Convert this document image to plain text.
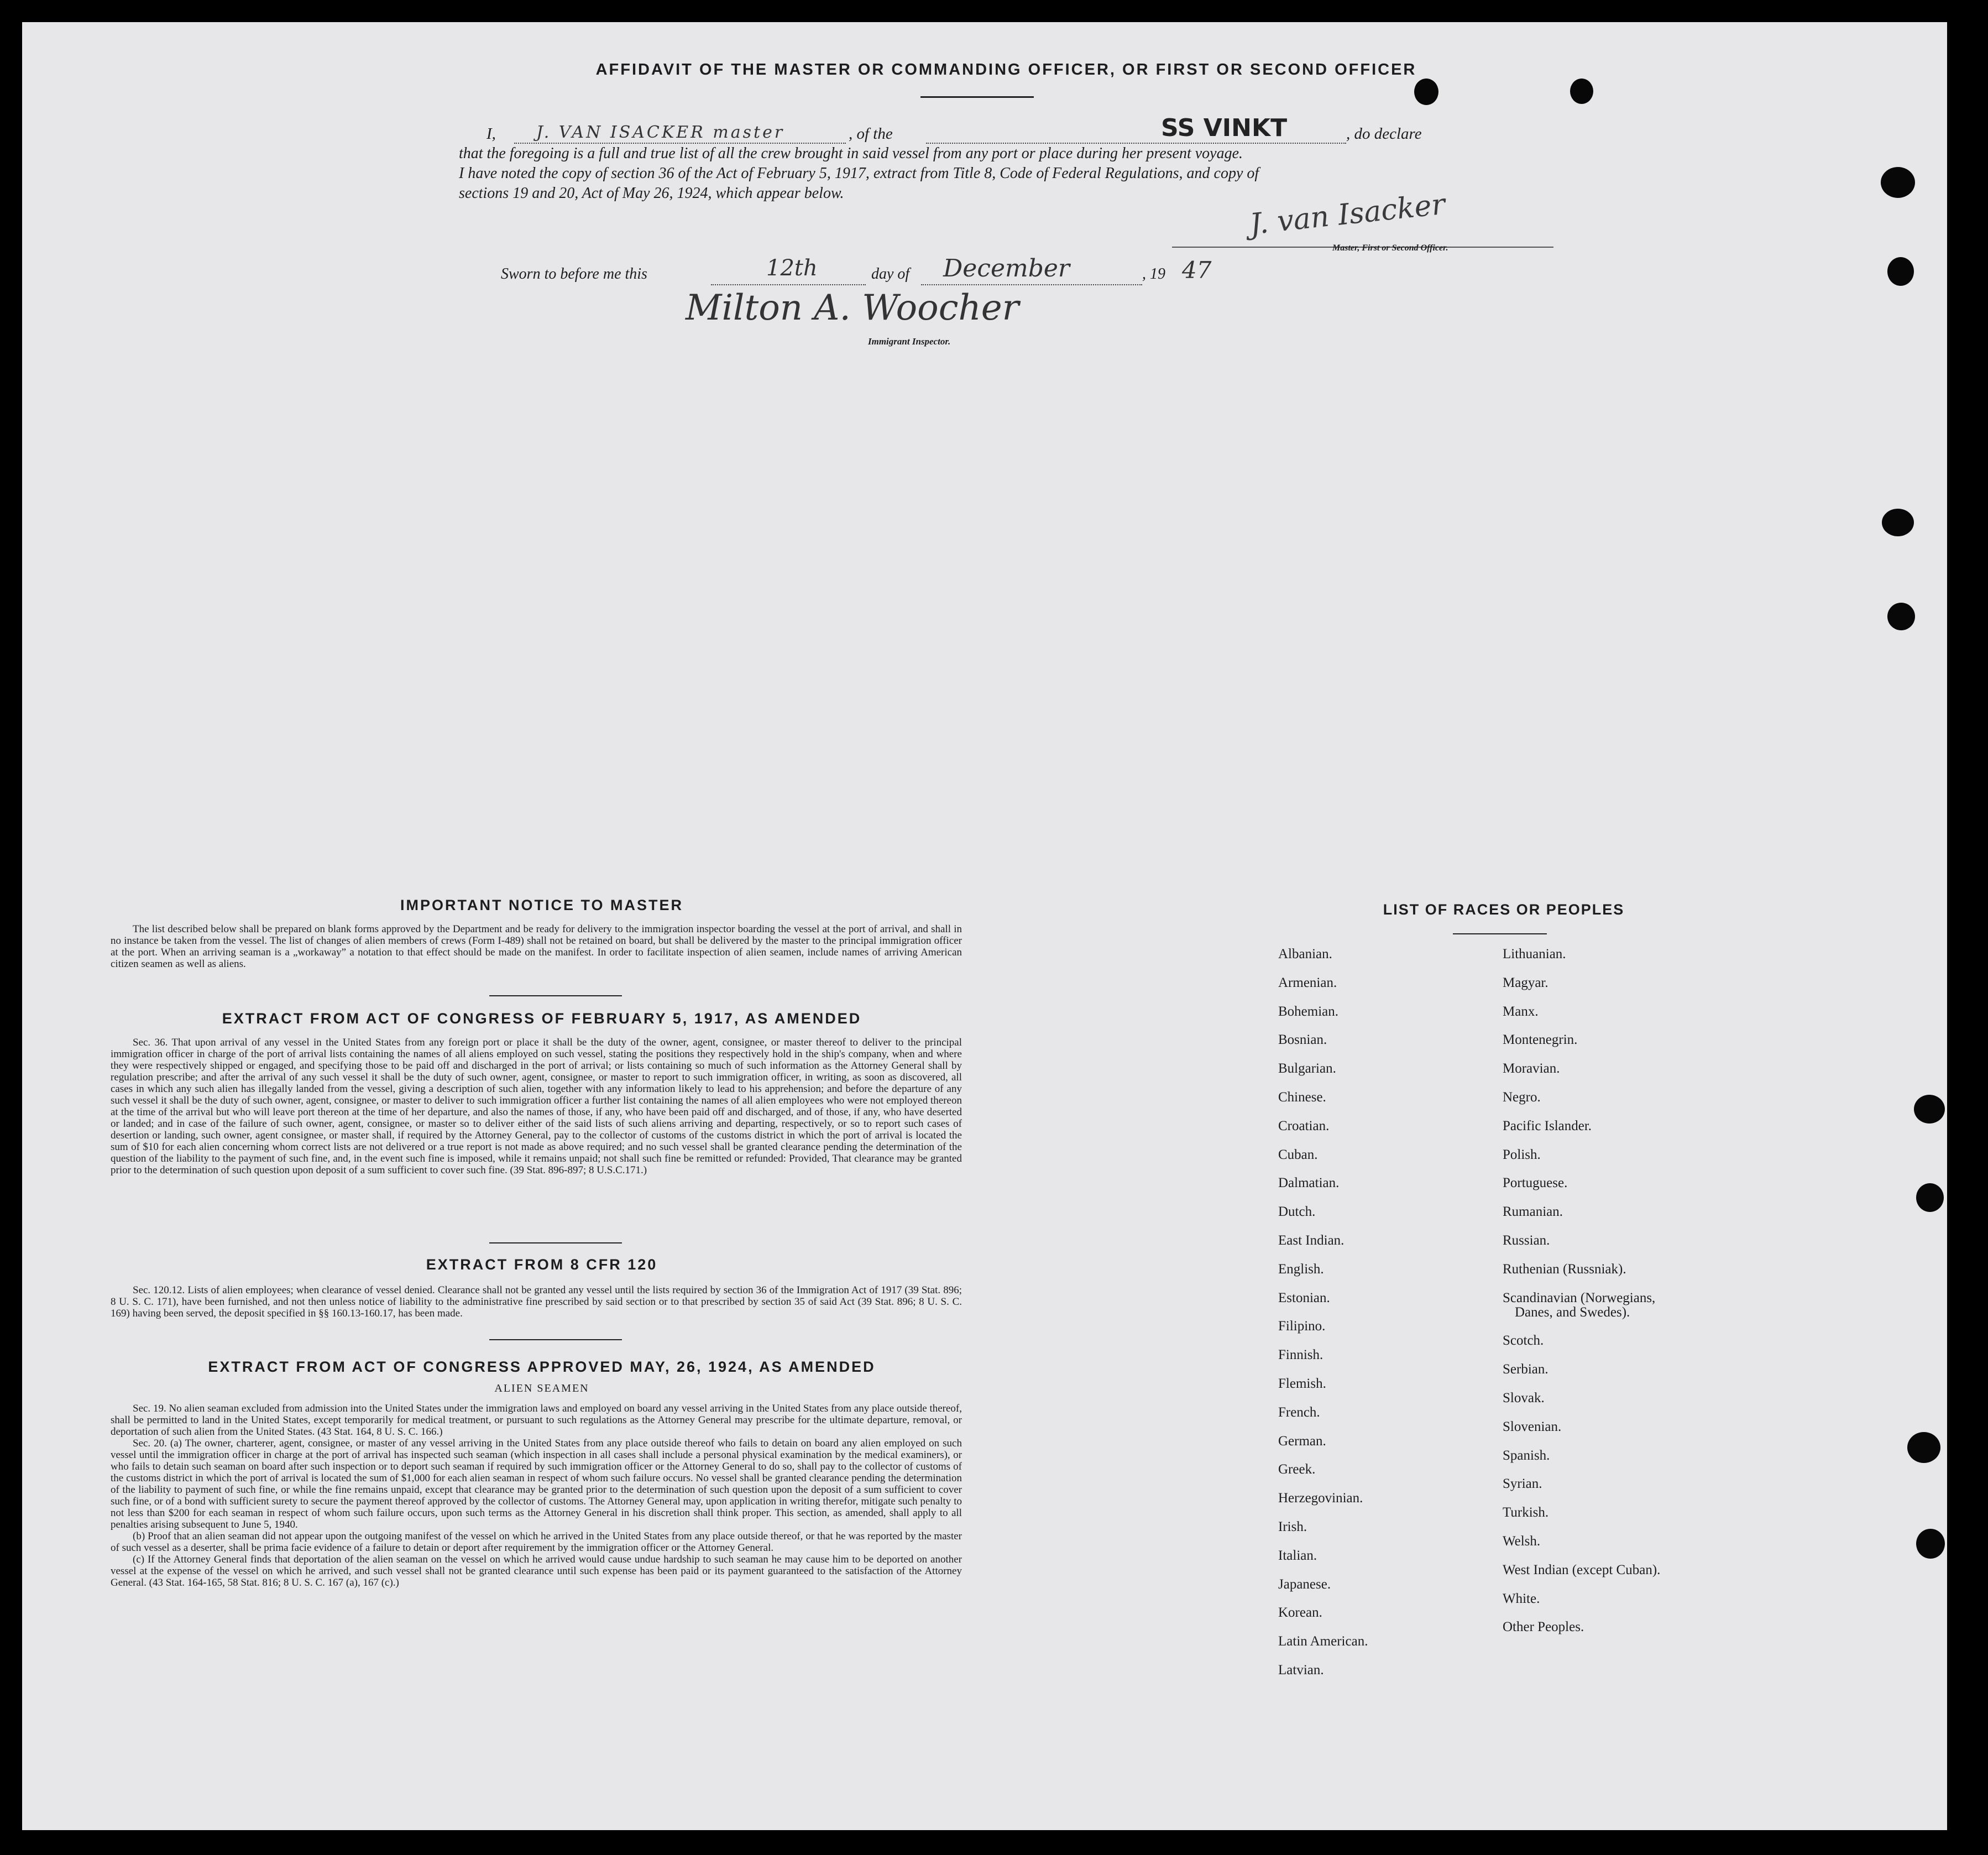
AFFIDAVIT OF THE MASTER OR COMMANDING OFFICER, OR FIRST OR SECOND OFFICER
I, J. VAN ISACKER master	, of the	SS VINKT	, do declare
that the foregoing is a full and true list of all the crew brought in said vessel from any port or place during her present voyage.
I have noted the copy of section 36 of the Act of February 5, 1917, extract from Title 8, Code of Federal Regulations, and copy of
sections 19 and 20, Act of May 26, 1924, which appear below.	J. van Isacker
Master, First or Second Officer.
Sworn to before me this	12th	day of December	, 19 47
Milton A. Woocher
Immigrant Inspector.
IMPORTANT NOTICE TO MASTER

The list described below shall be prepared on blank forms approved by the Department and be ready for delivery to the immigration inspector boarding the vessel at the port of arrival, and shall in no instance be taken from the vessel. The list of changes of alien members of crews (Form I-489) shall not be retained on board, but shall be delivered by the master to the principal immigration officer at the port. When an arriving seaman is a „workaway” a notation to that effect should be made on the manifest. In order to facilitate inspection of alien seamen, include names of arriving American citizen seamen as well as aliens.

EXTRACT FROM ACT OF CONGRESS OF FEBRUARY 5, 1917, AS AMENDED

Sec. 36. That upon arrival of any vessel in the United States from any foreign port or place it shall be the duty of the owner, agent, consignee, or master thereof to deliver to the principal immigration officer in charge of the port of arrival lists containing the names of all aliens employed on such vessel, stating the positions they respectively hold in the ship's company, when and where they were respectively shipped or engaged, and specifying those to be paid off and discharged in the port of arrival; or lists containing so much of such information as the Attorney General shall by regulation prescribe; and after the arrival of any such vessel it shall be the duty of such owner, agent, consignee, or master to report to such immigration officer, in writing, as soon as discovered, all cases in which any such alien has illegally landed from the vessel, giving a description of such alien, together with any information likely to lead to his apprehension; and before the departure of any such vessel it shall be the duty of such owner, agent, consignee, or master to deliver to such immigration officer a further list containing the names of all alien employees who were not employed thereon at the time of the arrival but who will leave port thereon at the time of her departure, and also the names of those, if any, who have been paid off and discharged, and of those, if any, who have deserted or landed; and in case of the failure of such owner, agent, consignee, or master so to deliver either of the said lists of such aliens arriving and departing, respectively, or so to report such cases of desertion or landing, such owner, agent consignee, or master shall, if required by the Attorney General, pay to the collector of customs of the customs district in which the port of arrival is located the sum of $10 for each alien concerning whom correct lists are not delivered or a true report is not made as above required; and no such vessel shall be granted clearance pending the determination of the question of the liability to the payment of such fine, and, in the event such fine is imposed, while it remains unpaid; not shall such fine be remitted or refunded: Provided, That clearance may be granted prior to the determination of such question upon deposit of a sum sufficient to cover such fine. (39 Stat. 896-897; 8 U.S.C.171.)

EXTRACT FROM 8 CFR 120

Sec. 120.12. Lists of alien employees; when clearance of vessel denied. Clearance shall not be granted any vessel until the lists required by section 36 of the Immigration Act of 1917 (39 Stat. 896; 8 U. S. C. 171), have been furnished, and not then unless notice of liability to the administrative fine prescribed by said section or to that prescribed by section 35 of said Act (39 Stat. 896; 8 U. S. C. 169) having been served, the deposit specified in §§ 160.13-160.17, has been made.

EXTRACT FROM ACT OF CONGRESS APPROVED MAY, 26, 1924, AS AMENDED
ALIEN SEAMEN

Sec. 19. No alien seaman excluded from admission into the United States under the immigration laws and employed on board any vessel arriving in the United States from any place outside thereof, shall be permitted to land in the United States, except temporarily for medical treatment, or pursuant to such regulations as the Attorney General may prescribe for the ultimate departure, removal, or deportation of such alien from the United States. (43 Stat. 164, 8 U. S. C. 166.)

Sec. 20. (a) The owner, charterer, agent, consignee, or master of any vessel arriving in the United States from any place outside thereof who fails to detain on board any alien employed on such vessel until the immigration officer in charge at the port of arrival has inspected such seaman (which inspection in all cases shall include a personal physical examination by the medical examiners), or who fails to detain such seaman on board after such inspection or to deport such seaman if required by such immigration officer or the Attorney General to do so, shall pay to the collector of customs of the customs district in which the port of arrival is located the sum of $1,000 for each alien seaman in respect of whom such failure occurs. No vessel shall be granted clearance pending the determination of the liability to payment of such fine, or while the fine remains unpaid, except that clearance may be granted prior to the determination of such question upon the deposit of a sum sufficient to cover such fine, or of a bond with sufficient surety to secure the payment thereof approved by the collector of customs. The Attorney General may, upon application in writing therefor, mitigate such penalty to not less than $200 for each seaman in respect of whom such failure occurs, upon such terms as the Attorney General in his discretion shall think proper. This section, as amended, shall apply to all penalties arising subsequent to June 5, 1940.

(b) Proof that an alien seaman did not appear upon the outgoing manifest of the vessel on which he arrived in the United States from any place outside thereof, or that he was reported by the master of such vessel as a deserter, shall be prima facie evidence of a failure to detain or deport after requirement by the immigration officer or the Attorney General.

(c) If the Attorney General finds that deportation of the alien seaman on the vessel on which he arrived would cause undue hardship to such seaman he may cause him to be deported on another vessel at the expense of the vessel on which he arrived, and such vessel shall not be granted clearance until such expense has been paid or its payment guaranteed to the satisfaction of the Attorney General. (43 Stat. 164-165, 58 Stat. 816; 8 U. S. C. 167 (a), 167 (c).)

LIST OF RACES OR PEOPLES
Albanian.
Armenian.
Bohemian.
Bosnian.
Bulgarian.
Chinese.
Croatian.
Cuban.
Dalmatian.
Dutch.
East Indian.
English.
Estonian.
Filipino.
Finnish.
Flemish.
French.
German.
Greek.
Herzegovinian.
Irish.
Italian.
Japanese.
Korean.
Latin American.
Latvian.
Lithuanian.
Magyar.
Manx.
Montenegrin.
Moravian.
Negro.
Pacific Islander.
Polish.
Portuguese.
Rumanian.
Russian.
Ruthenian (Russniak).
Scandinavian (Norwegians,
Danes, and Swedes).
Scotch.
Serbian.
Slovak.
Slovenian.
Spanish.
Syrian.
Turkish.
Welsh.
West Indian (except Cuban).
White.
Other Peoples.
